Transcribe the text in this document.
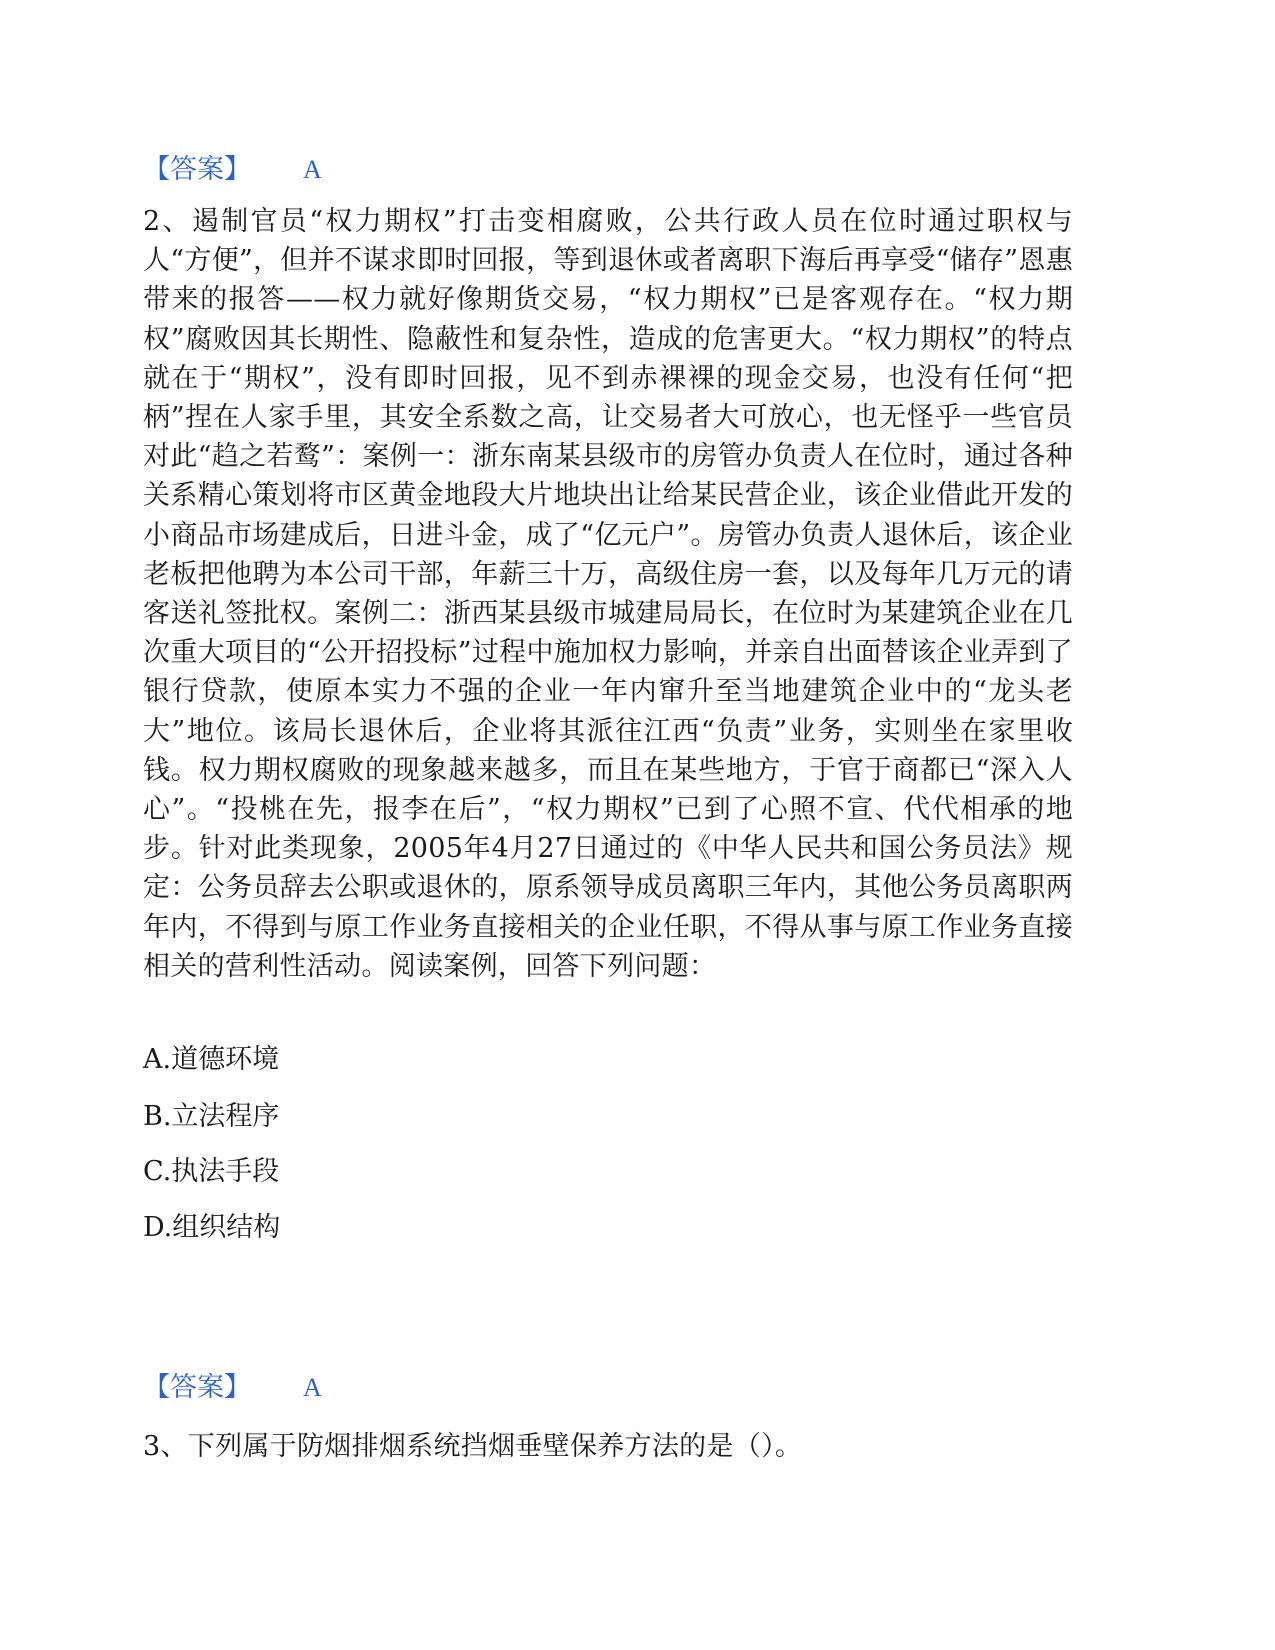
【答案】 A
2、遏制官员“权力期权”打击变相腐败，公共行政人员在位时通过职权与人“方便”，但并不谋求即时回报，等到退休或者离职下海后再享受“储存”恩惠带来的报答——权力就好像期货交易，“权力期权”已是客观存在。“权力期权”腐败因其长期性、隐蔽性和复杂性，造成的危害更大。“权力期权”的特点就在于“期权”，没有即时回报，见不到赤裸裸的现金交易，也没有任何“把柄”捏在人家手里，其安全系数之高，让交易者大可放心，也无怪乎一些官员对此“趋之若鹜”：案例一：浙东南某县级市的房管办负责人在位时，通过各种关系精心策划将市区黄金地段大片地块出让给某民营企业，该企业借此开发的小商品市场建成后，日进斗金，成了“亿元户”。房管办负责人退休后，该企业老板把他聘为本公司干部，年薪三十万，高级住房一套，以及每年几万元的请客送礼签批权。案例二：浙西某县级市城建局局长，在位时为某建筑企业在几次重大项目的“公开招投标”过程中施加权力影响，并亲自出面替该企业弄到了银行贷款，使原本实力不强的企业一年内窜升至当地建筑企业中的“龙头老大”地位。该局长退休后，企业将其派往江西“负责”业务，实则坐在家里收钱。权力期权腐败的现象越来越多，而且在某些地方，于官于商都已“深入人心”。“投桃在先，报李在后”，“权力期权”已到了心照不宣、代代相承的地步。针对此类现象，2005年4月27日通过的《中华人民共和国公务员法》规定：公务员辞去公职或退休的，原系领导成员离职三年内，其他公务员离职两年内，不得到与原工作业务直接相关的企业任职，不得从事与原工作业务直接相关的营利性活动。阅读案例，回答下列问题：
A.道德环境
B.立法程序
C.执法手段
D.组织结构
【答案】 A
3、下列属于防烟排烟系统挡烟垂壁保养方法的是（）。
